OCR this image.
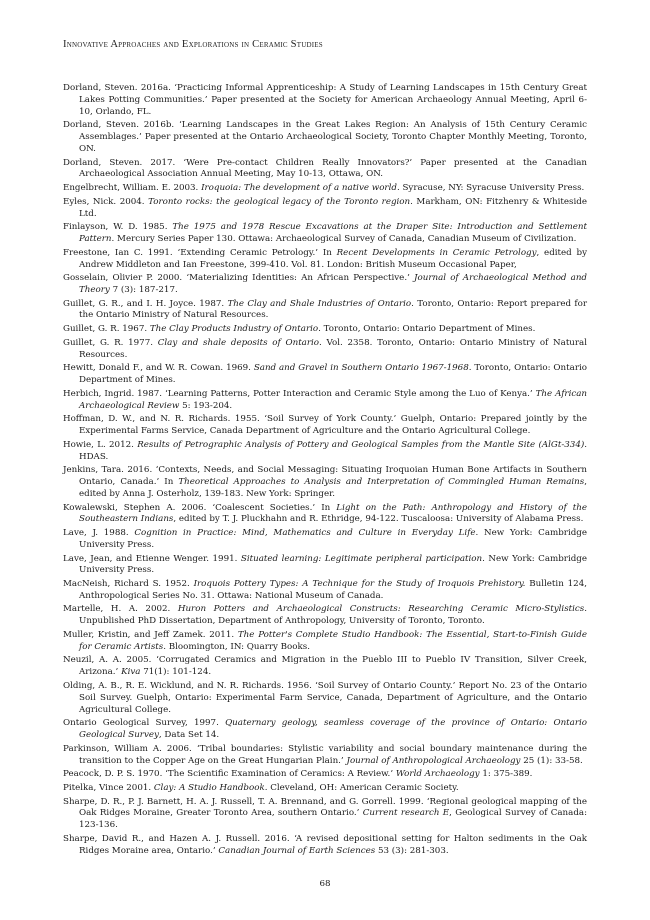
Innovative Approaches and Explorations in Ceramic Studies

Dorland, Steven. 2016a. ‘Practicing Informal Apprenticeship: A Study of Learning Landscapes in 15th Century Great Lakes Potting Communities.’ Paper presented at the Society for American Archaeology Annual Meeting, April 6-10, Orlando, FL.

Dorland, Steven. 2016b. ‘Learning Landscapes in the Great Lakes Region: An Analysis of 15th Century Ceramic Assemblages.’ Paper presented at the Ontario Archaeological Society, Toronto Chapter Monthly Meeting, Toronto, ON.

Dorland, Steven. 2017. ‘Were Pre-contact Children Really Innovators?’ Paper presented at the Canadian Archaeological Association Annual Meeting, May 10-13, Ottawa, ON.

Engelbrecht, William. E. 2003. Iroquoia: The development of a native world. Syracuse, NY: Syracuse University Press.

Eyles, Nick. 2004. Toronto rocks: the geological legacy of the Toronto region. Markham, ON: Fitzhenry & Whiteside Ltd.

Finlayson, W. D. 1985. The 1975 and 1978 Rescue Excavations at the Draper Site: Introduction and Settlement Pattern. Mercury Series Paper 130. Ottawa: Archaeological Survey of Canada, Canadian Museum of Civilization.

Freestone, Ian C. 1991. ‘Extending Ceramic Petrology.’ In Recent Developments in Ceramic Petrology, edited by Andrew Middleton and Ian Freestone, 399-410. Vol. 81. London: British Museum Occasional Paper,

Gosselain, Olivier P. 2000. ‘Materializing Identities: An African Perspective.’ Journal of Archaeological Method and Theory 7 (3): 187-217.

Guillet, G. R., and I. H. Joyce. 1987. The Clay and Shale Industries of Ontario. Toronto, Ontario: Report prepared for the Ontario Ministry of Natural Resources.

Guillet, G. R. 1967. The Clay Products Industry of Ontario. Toronto, Ontario: Ontario Department of Mines.

Guillet, G. R. 1977. Clay and shale deposits of Ontario. Vol. 2358. Toronto, Ontario: Ontario Ministry of Natural Resources.

Hewitt, Donald F., and W. R. Cowan. 1969. Sand and Gravel in Southern Ontario 1967-1968. Toronto, Ontario: Ontario Department of Mines.

Herbich, Ingrid. 1987. ‘Learning Patterns, Potter Interaction and Ceramic Style among the Luo of Kenya.’ The African Archaeological Review 5: 193-204.

Hoffman, D. W., and N. R. Richards. 1955. ‘Soil Survey of York County.’ Guelph, Ontario: Prepared jointly by the Experimental Farms Service, Canada Department of Agriculture and the Ontario Agricultural College.

Howie, L. 2012. Results of Petrographic Analysis of Pottery and Geological Samples from the Mantle Site (AlGt-334). HDAS.

Jenkins, Tara. 2016. ‘Contexts, Needs, and Social Messaging: Situating Iroquoian Human Bone Artifacts in Southern Ontario, Canada.’ In Theoretical Approaches to Analysis and Interpretation of Commingled Human Remains, edited by Anna J. Osterholz, 139-183. New York: Springer.

Kowalewski, Stephen A. 2006. ‘Coalescent Societies.’ In Light on the Path: Anthropology and History of the Southeastern Indians, edited by T. J. Pluckhahn and R. Ethridge, 94-122. Tuscaloosa: University of Alabama Press.

Lave, J. 1988. Cognition in Practice: Mind, Mathematics and Culture in Everyday Life. New York: Cambridge University Press.

Lave, Jean, and Etienne Wenger. 1991. Situated learning: Legitimate peripheral participation. New York: Cambridge University Press.

MacNeish, Richard S. 1952. Iroquois Pottery Types: A Technique for the Study of Iroquois Prehistory. Bulletin 124, Anthropological Series No. 31. Ottawa: National Museum of Canada.

Martelle, H. A. 2002. Huron Potters and Archaeological Constructs: Researching Ceramic Micro-Stylistics. Unpublished PhD Dissertation, Department of Anthropology, University of Toronto, Toronto.

Muller, Kristin, and Jeff Zamek. 2011. The Potter's Complete Studio Handbook: The Essential, Start-to-Finish Guide for Ceramic Artists. Bloomington, IN: Quarry Books.

Neuzil, A. A. 2005. ‘Corrugated Ceramics and Migration in the Pueblo III to Pueblo IV Transition, Silver Creek, Arizona.’ Kiva 71(1): 101-124.

Olding, A. B., R. E. Wicklund, and N. R. Richards. 1956. ‘Soil Survey of Ontario County.’ Report No. 23 of the Ontario Soil Survey. Guelph, Ontario: Experimental Farm Service, Canada, Department of Agriculture, and the Ontario Agricultural College.

Ontario Geological Survey, 1997. Quaternary geology, seamless coverage of the province of Ontario: Ontario Geological Survey, Data Set 14.

Parkinson, William A. 2006. ‘Tribal boundaries: Stylistic variability and social boundary maintenance during the transition to the Copper Age on the Great Hungarian Plain.’ Journal of Anthropological Archaeology 25 (1): 33-58.

Peacock, D. P. S. 1970. ‘The Scientific Examination of Ceramics: A Review.’ World Archaeology 1: 375-389.

Pitelka, Vince 2001. Clay: A Studio Handbook. Cleveland, OH: American Ceramic Society.

Sharpe, D. R., P. J. Barnett, H. A. J. Russell, T. A. Brennand, and G. Gorrell. 1999. ‘Regional geological mapping of the Oak Ridges Moraine, Greater Toronto Area, southern Ontario.’ Current research E, Geological Survey of Canada: 123-136.

Sharpe, David R., and Hazen A. J. Russell. 2016. ‘A revised depositional setting for Halton sediments in the Oak Ridges Moraine area, Ontario.’ Canadian Journal of Earth Sciences 53 (3): 281-303.

68
